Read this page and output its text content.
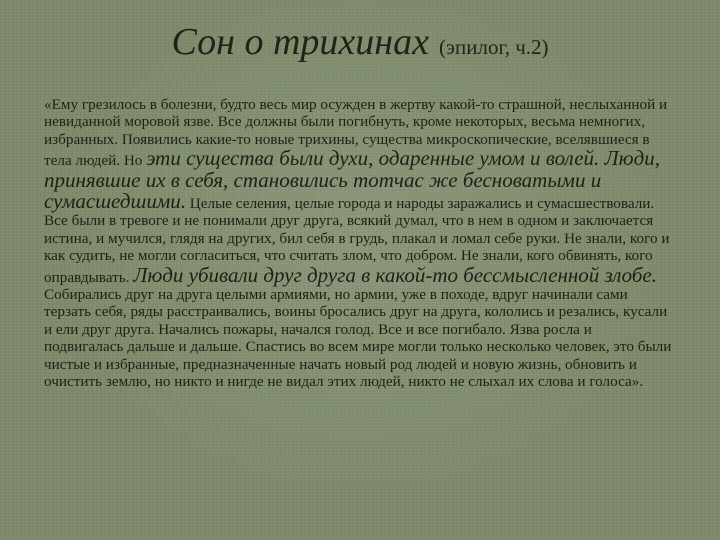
Сон о трихинах (эпилог, ч.2)
«Ему грезилось в болезни, будто весь мир осужден в жертву какой-то страшной, неслыханной и невиданной моровой язве. Все должны были погибнуть, кроме некоторых, весьма немногих, избранных. Появились какие-то новые трихины, существа микроскопические, вселявшиеся в тела людей. Но эти существа были духи, одаренные умом и волей. Люди, принявшие их в себя, становились тотчас же бесноватыми и сумасшедшими. Целые селения, целые города и народы заражались и сумасшествовали. Все были в тревоге и не понимали друг друга, всякий думал, что в нем в одном и заключается истина, и мучился, глядя на других, бил себя в грудь, плакал и ломал себе руки. Не знали, кого и как судить, не могли согласиться, что считать злом, что добром. Не знали, кого обвинять, кого оправдывать. Люди убивали друг друга в какой-то бессмысленной злобе. Собирались друг на друга целыми армиями, но армии, уже в походе, вдруг начинали сами терзать себя, ряды расстраивались, воины бросались друг на друга, кололись и резались, кусали и ели друг друга. Начались пожары, начался голод. Все и все погибало. Язва росла и подвигалась дальше и дальше. Спастись во всем мире могли только несколько человек, это были чистые и избранные, предназначенные начать новый род людей и новую жизнь, обновить и очистить землю, но никто и нигде не видал этих людей, никто не слыхал их слова и голоса».
